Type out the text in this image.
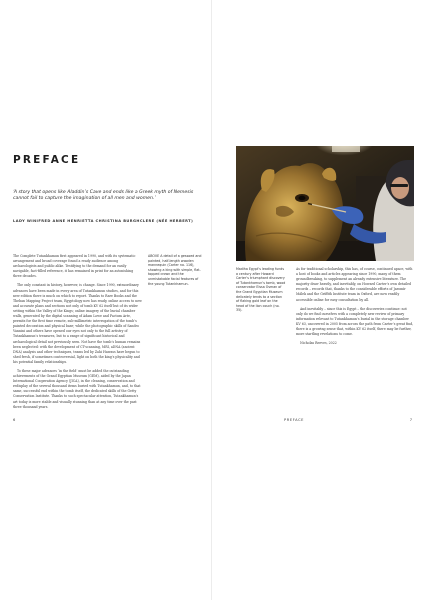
PREFACE
‘A story that opens like Aladdin’s Cave and ends like a Greek myth of Nemesis cannot fail to capture the imagination of all men and women.’
LADY WINIFRED ANNE HENRIETTA CHRISTINA BURGHCLERE (NÉE HERBERT)

The Complete Tutankhamun first appeared in 1990, and with its systematic arrangement and broad coverage found a ready audience among archaeologists and public alike. Testifying to the demand for an easily navigable, fact-filled reference, it has remained in print for an astonishing three decades.

The only constant in history, however, is change. Since 1990, extraordinary advances have been made in every area of Tutankhamun studies, and for this new edition there is much on which to report. Thanks to Rare Books and the Theban Mapping Project team, Egyptology now has ready, online access to new and accurate plans and sections not only of tomb KV 62 itself but of its wider setting within the Valley of the Kings; online imagery of the burial chamber walls, generated by the digital scanning of Adam Lowe and Factum Arte, permits for the first time remote, sub-millimetric interrogation of the tomb’s painted decoration and physical base; while the photographic skills of Sandro Vannini and others have opened our eyes not only to the full artistry of Tutankhamun’s treasures, but to a range of significant historical and archaeological detail not previously seen. Not have the tomb’s human remains been neglected: with the development of CT-scanning, MRI, aDNA (ancient DNA) analysis and other techniques, teams led by Zahi Hawass have begun to shed fresh, if sometimes controversial, light on both the king’s physicality and his potential family relationships.

To these major advances ‘in the field’ must be added the outstanding achievements of the Grand Egyptian Museum (GEM), aided by the Japan International Cooperation Agency (JICA), in the cleaning, conservation and redisplay of the several thousand items buried with Tutankhamun, and, to that same, successful end within the tomb itself, the dedicated skills of the Getty Conservation Institute. Thanks to such spectacular attention, Tutankhamun’s art today is more stable and visually stunning than at any time over the past three thousand years.

ABOVE A detail of a gessoed and painted, half-length wooden mannequin (Carter no. 116), showing a king with simple, flat-topped crown and the unmistakable facial features of the young Tutankhamun.
6
Madiha Egypt’s leading funds a century after Howard Carter’s triumphant discovery of Tutankhamun’s tomb, wood conservator Eissa Osman of the Grand Egyptian Museum delicately tends to a section of flaking gold leaf on the head of the lion couch (no. 35).

As for traditional scholarship, this has, of course, continued apace, with a host of books and articles appearing since 1990, many of them groundbreaking, to supplement an already extensive literature. The majority draw heavily, and inevitably, on Howard Carter’s own detailed records – records that, thanks to the considerable efforts of Jaromír Málek and the Griffith Institute team in Oxford, are now readily accessible online for easy consultation by all.

And inevitably – since this is Egypt – the discoveries continue: not only do we find ourselves with a completely new review of primary information relevant to Tutankhamun’s burial in the storage chamber KV 63, uncovered in 2005 from across the path from Carter’s great find, there is a growing sense that, within KV 62 itself, there may be further, more startling revelations to come.

Nicholas Reeves, 2022

PREFACE	7
